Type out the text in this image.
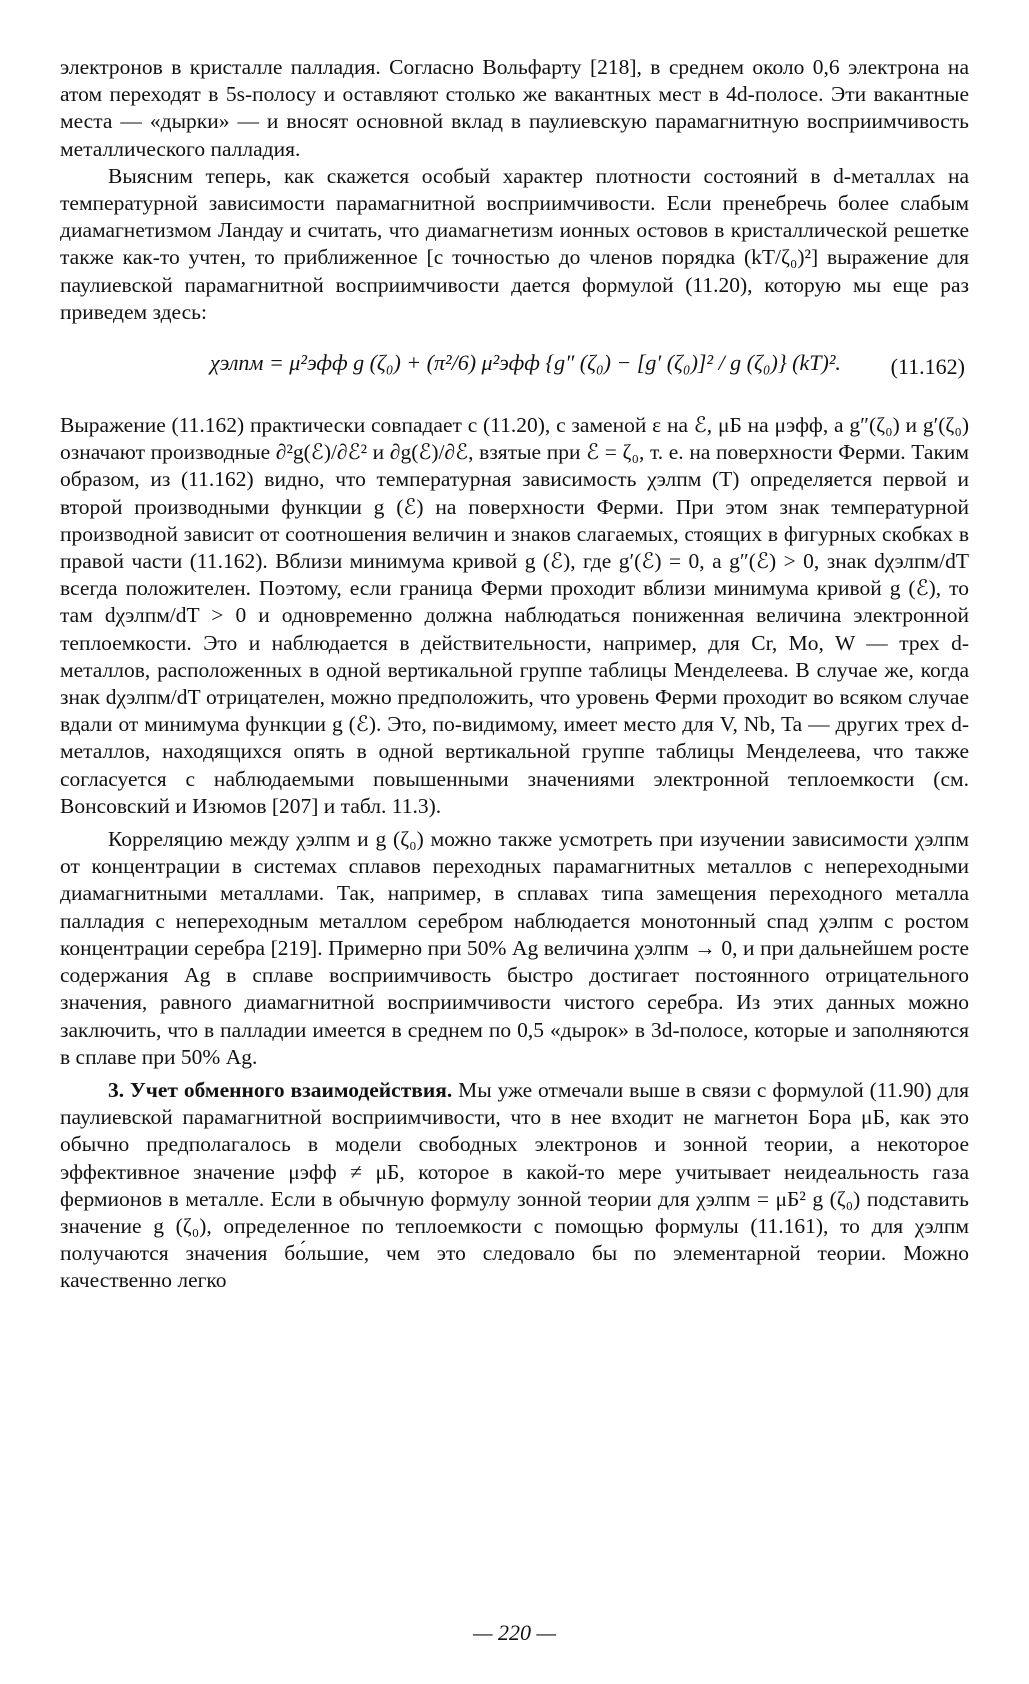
электронов в кристалле палладия. Согласно Вольфарту [218], в среднем около 0,6 электрона на атом переходят в 5s-полосу и оставляют столько же вакантных мест в 4d-полосе. Эти вакантные места — «дырки» — и вносят основной вклад в паулиевскую парамагнитную восприимчивость металлического палладия.

Выясним теперь, как скажется особый характер плотности состояний в d-металлах на температурной зависимости парамагнитной восприимчивости. Если пренебречь более слабым диамагнетизмом Ландау и считать, что диамагнетизм ионных остовов в кристаллической решетке также как-то учтен, то приближенное [с точностью до членов порядка (kT/ζ₀)²] выражение для паулиевской парамагнитной восприимчивости дается формулой (11.20), которую мы еще раз приведем здесь:

χэлпм = μ²эфф g (ζ₀) + (π²/6) μ²эфф {g″ (ζ₀) − [g′ (ζ₀)]² / g (ζ₀)} (kT)². (11.162)

Выражение (11.162) практически совпадает с (11.20), с заменой ε на ℰ, μБ на μэфф, а g″(ζ₀) и g′(ζ₀) означают производные ∂²g(ℰ)/∂ℰ² и ∂g(ℰ)/∂ℰ, взятые при ℰ = ζ₀, т. е. на поверхности Ферми. Таким образом, из (11.162) видно, что температурная зависимость χэлпм (T) определяется первой и второй производными функции g (ℰ) на поверхности Ферми. При этом знак температурной производной зависит от соотношения величин и знаков слагаемых, стоящих в фигурных скобках в правой части (11.162). Вблизи минимума кривой g (ℰ), где g′(ℰ) = 0, а g″(ℰ) > 0, знак dχэлпм/dT всегда положителен. Поэтому, если граница Ферми проходит вблизи минимума кривой g (ℰ), то там dχэлпм/dT > 0 и одновременно должна наблюдаться пониженная величина электронной теплоемкости. Это и наблюдается в действительности, например, для Cr, Mo, W — трех d-металлов, расположенных в одной вертикальной группе таблицы Менделеева. В случае же, когда знак dχэлпм/dT отрицателен, можно предположить, что уровень Ферми проходит во всяком случае вдали от минимума функции g (ℰ). Это, по-видимому, имеет место для V, Nb, Ta — других трех d-металлов, находящихся опять в одной вертикальной группе таблицы Менделеева, что также согласуется с наблюдаемыми повышенными значениями электронной теплоемкости (см. Вонсовский и Изюмов [207] и табл. 11.3).

Корреляцию между χэлпм и g (ζ₀) можно также усмотреть при изучении зависимости χэлпм от концентрации в системах сплавов переходных парамагнитных металлов с непереходными диамагнитными металлами. Так, например, в сплавах типа замещения переходного металла палладия с непереходным металлом серебром наблюдается монотонный спад χэлпм с ростом концентрации серебра [219]. Примерно при 50% Ag величина χэлпм → 0, и при дальнейшем росте содержания Ag в сплаве восприимчивость быстро достигает постоянного отрицательного значения, равного диамагнитной восприимчивости чистого серебра. Из этих данных можно заключить, что в палладии имеется в среднем по 0,5 «дырок» в 3d-полосе, которые и заполняются в сплаве при 50% Ag.

3. Учет обменного взаимодействия. Мы уже отмечали выше в связи с формулой (11.90) для паулиевской парамагнитной восприимчивости, что в нее входит не магнетон Бора μБ, как это обычно предполагалось в модели свободных электронов и зонной теории, а некоторое эффективное значение μэфф ≠ μБ, которое в какой-то мере учитывает неидеальность газа фермионов в металле. Если в обычную формулу зонной теории для χэлпм = μБ² g (ζ₀) подставить значение g (ζ₀), определенное по теплоемкости с помощью формулы (11.161), то для χэлпм получаются значения бо́льшие, чем это следовало бы по элементарной теории. Можно качественно легко

— 220 —
